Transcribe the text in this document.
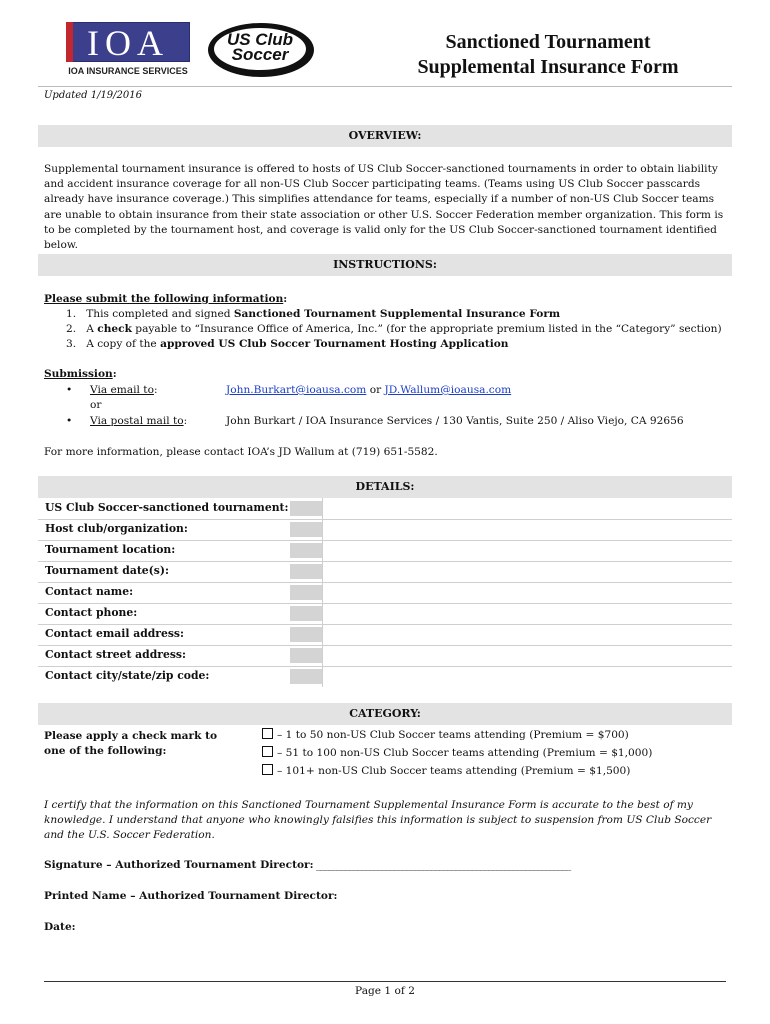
IOA
IOA INSURANCE SERVICES
US Club
Soccer
Sanctioned Tournament
Supplemental Insurance Form
Updated 1/19/2016
OVERVIEW:
Supplemental tournament insurance is offered to hosts of US Club Soccer-sanctioned tournaments in order to obtain liability and accident insurance coverage for all non-US Club Soccer participating teams. (Teams using US Club Soccer passcards already have insurance coverage.) This simplifies attendance for teams, especially if a number of non-US Club Soccer teams are unable to obtain insurance from their state association or other U.S. Soccer Federation member organization. This form is to be completed by the tournament host, and coverage is valid only for the US Club Soccer-sanctioned tournament identified below.
INSTRUCTIONS:
Please submit the following information:
1. This completed and signed Sanctioned Tournament Supplemental Insurance Form
2. A check payable to “Insurance Office of America, Inc.” (for the appropriate premium listed in the “Category” section)
3. A copy of the approved US Club Soccer Tournament Hosting Application
Submission:
• Via email to:	John.Burkart@ioausa.com or JD.Wallum@ioausa.com
or
• Via postal mail to:	John Burkart / IOA Insurance Services / 130 Vantis, Suite 250 / Aliso Viejo, CA 92656
For more information, please contact IOA’s JD Wallum at (719) 651-5582.
DETAILS:
US Club Soccer-sanctioned tournament:
Host club/organization:
Tournament location:
Tournament date(s):
Contact name:
Contact phone:
Contact email address:
Contact street address:
Contact city/state/zip code:
CATEGORY:
Please apply a check mark to
one of the following:
– 1 to 50 non-US Club Soccer teams attending (Premium = $700)
– 51 to 100 non-US Club Soccer teams attending (Premium = $1,000)
– 101+ non-US Club Soccer teams attending (Premium = $1,500)
I certify that the information on this Sanctioned Tournament Supplemental Insurance Form is accurate to the best of my knowledge. I understand that anyone who knowingly falsifies this information is subject to suspension from US Club Soccer and the U.S. Soccer Federation.
Signature – Authorized Tournament Director: ______________________________________________________________
Printed Name – Authorized Tournament Director:
Date:
Page 1 of 2
